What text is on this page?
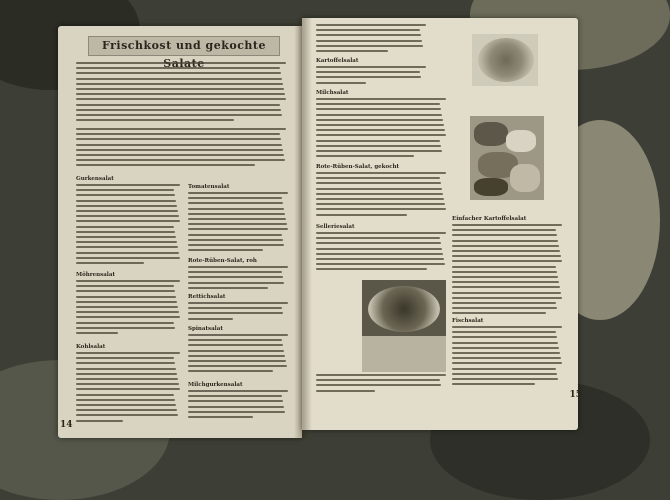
Frischkost und gekochte
Gurkensalat
Möhrensalat
Kohlsalat
Tomatensalat
Rote-Rüben-Salat, roh
Rettichsalat
Spinatsalat
Milchgurkensalat
14
Milchsalat
Rote-Rüben-Salat, gekocht
Selleriesalat
Einfacher Kartoffelsalat
Fischsalat
Kartoffelsalat
15
